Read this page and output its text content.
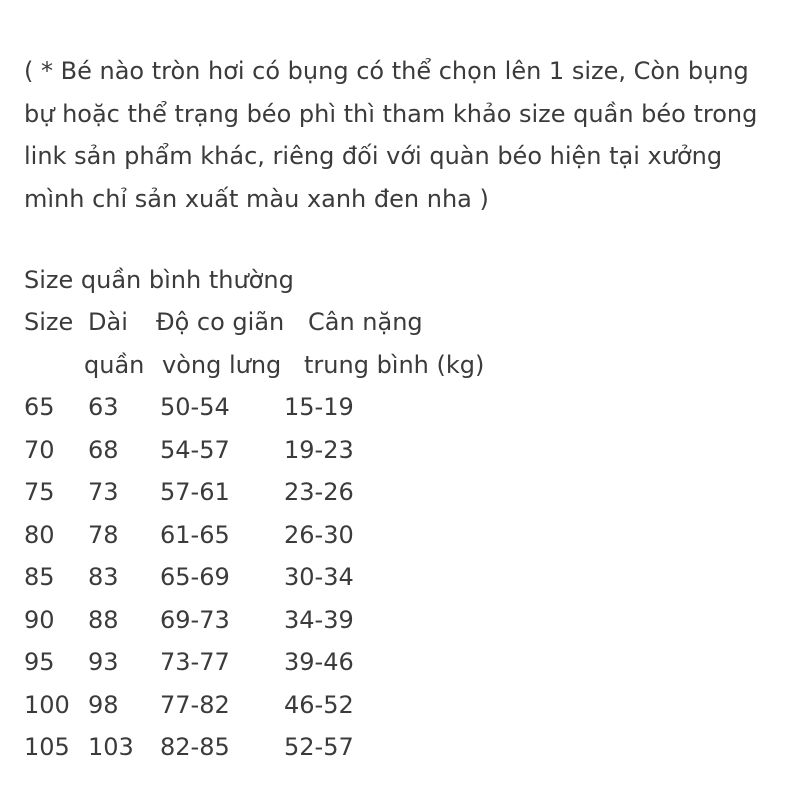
( * Bé nào tròn hơi có bụng có thể chọn lên 1 size, Còn bụng
bự hoặc thể trạng béo phì thì tham khảo size quần béo trong
link sản phẩm khác, riêng đối với quàn béo hiện tại xưởng
mình chỉ sản xuất màu xanh đen nha )
Size quần bình thường
Size Dài Độ co giãn Cân nặng
quần vòng lưng trung bình (kg)
65 63 50-54 15-19
70 68 54-57 19-23
75 73 57-61 23-26
80 78 61-65 26-30
85 83 65-69 30-34
90 88 69-73 34-39
95 93 73-77 39-46
100 98 77-82 46-52
105 103 82-85 52-57
